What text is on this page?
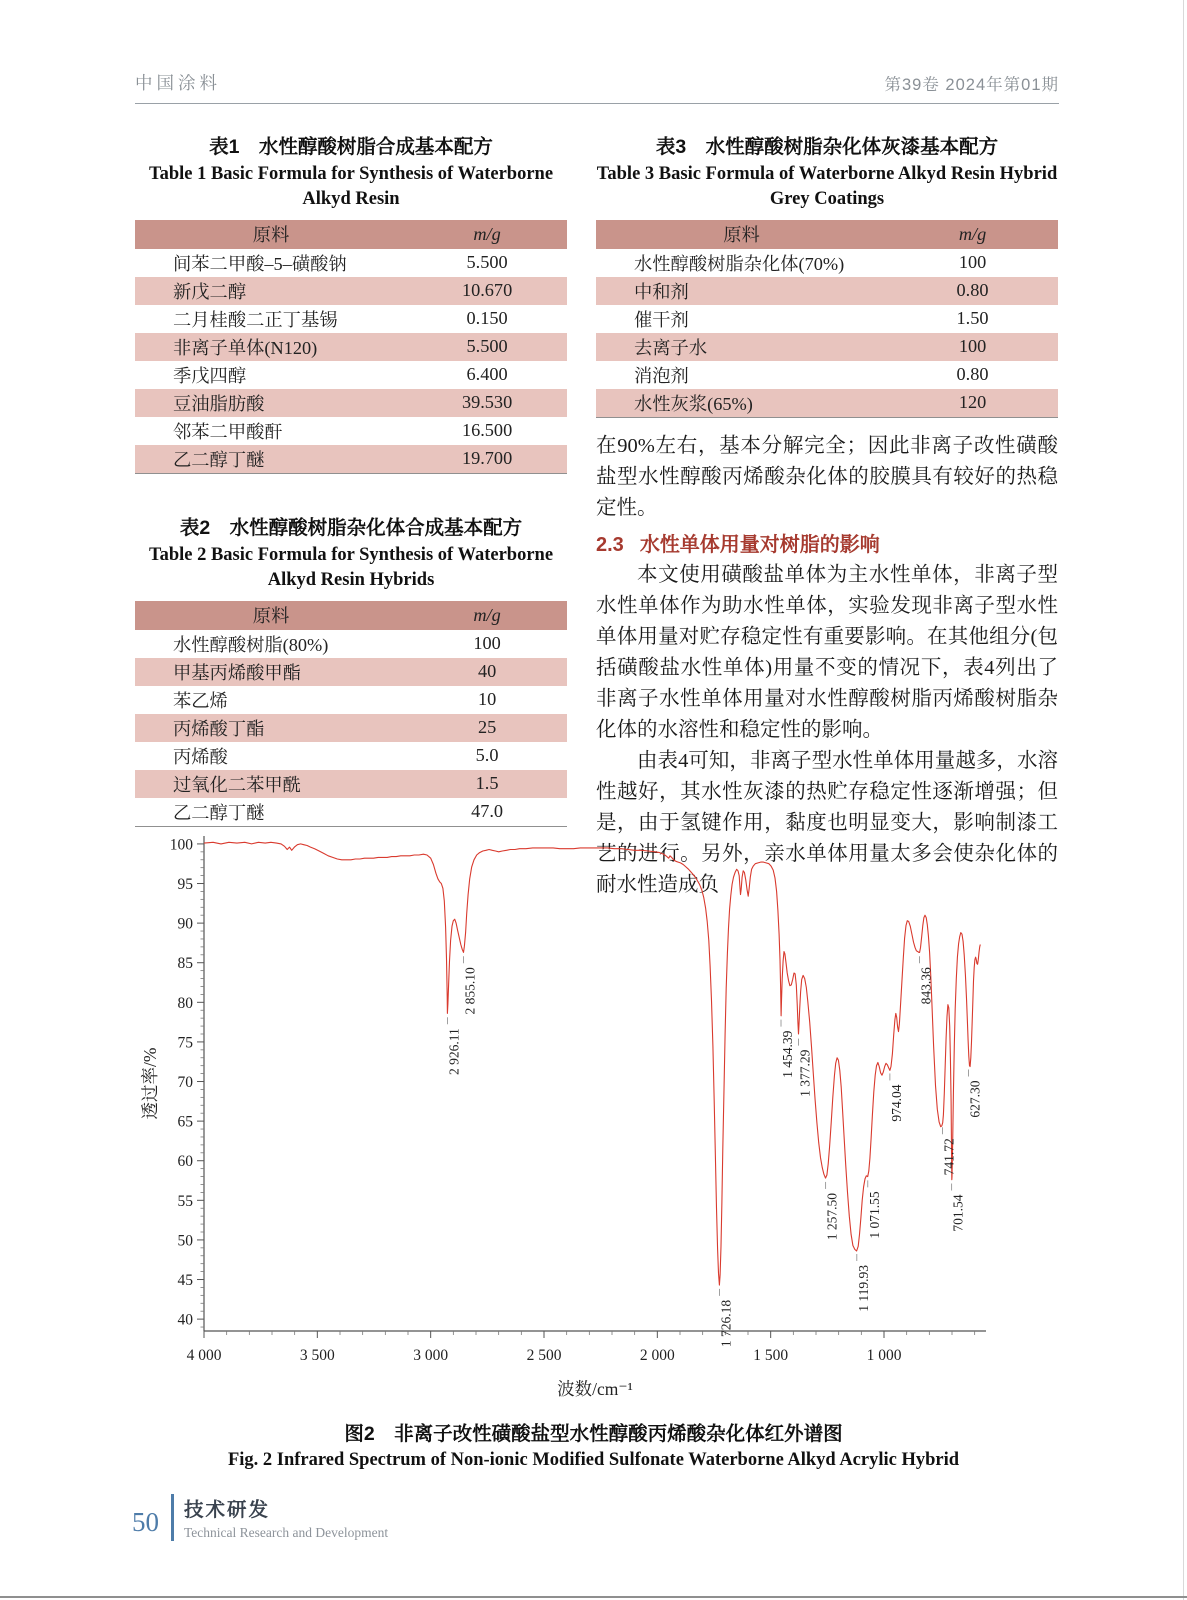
中国涂料	第39卷 2024年第01期
表1　水性醇酸树脂合成基本配方
Table 1 Basic Formula for Synthesis of Waterborne Alkyd Resin
原料	m/g
间苯二甲酸–5–磺酸钠	5.500
新戊二醇	10.670
二月桂酸二正丁基锡	0.150
非离子单体(N120)	5.500
季戊四醇	6.400
豆油脂肪酸	39.530
邻苯二甲酸酐	16.500
乙二醇丁醚	19.700
表2　水性醇酸树脂杂化体合成基本配方
Table 2 Basic Formula for Synthesis of Waterborne Alkyd Resin Hybrids
原料	m/g
水性醇酸树脂(80%)	100
甲基丙烯酸甲酯	40
苯乙烯	10
丙烯酸丁酯	25
丙烯酸	5.0
过氧化二苯甲酰	1.5
乙二醇丁醚	47.0
表3　水性醇酸树脂杂化体灰漆基本配方
Table 3 Basic Formula of Waterborne Alkyd Resin Hybrid Grey Coatings
原料	m/g
水性醇酸树脂杂化体(70%)	100
中和剂	0.80
催干剂	1.50
去离子水	100
消泡剂	0.80
水性灰浆(65%)	120

在90%左右，基本分解完全；因此非离子改性磺酸盐型水性醇酸丙烯酸杂化体的胶膜具有较好的热稳定性。

2.3 水性单体用量对树脂的影响

本文使用磺酸盐单体为主水性单体，非离子型水性单体作为助水性单体，实验发现非离子型水性单体用量对贮存稳定性有重要影响。在其他组分(包括磺酸盐水性单体)用量不变的情况下，表4列出了非离子水性单体用量对水性醇酸树脂丙烯酸树脂杂化体的水溶性和稳定性的影响。

由表4可知，非离子型水性单体用量越多，水溶性越好，其水性灰漆的热贮存稳定性逐渐增强；但是，由于氢键作用，黏度也明显变大，影响制漆工艺的进行。另外，亲水单体用量太多会使杂化体的耐水性造成负

40
45
50
55
60
65
70
75
80
85
90
95
100
4 000	3 500	3 000	2 500	2 000	1 500	1 000
波数/cm⁻¹
透过率/%	2 926.11
2 855.10
1 726.18
1 454.39 1 377.29
1 257.50
1 119.93
1 071.55
974.04
843.36
741.72
701.54
627.30
图2　非离子改性磺酸盐型水性醇酸丙烯酸杂化体红外谱图
Fig. 2 Infrared Spectrum of Non-ionic Modified Sulfonate Waterborne Alkyd Acrylic Hybrid
50 技术研发
Technical Research and Development
